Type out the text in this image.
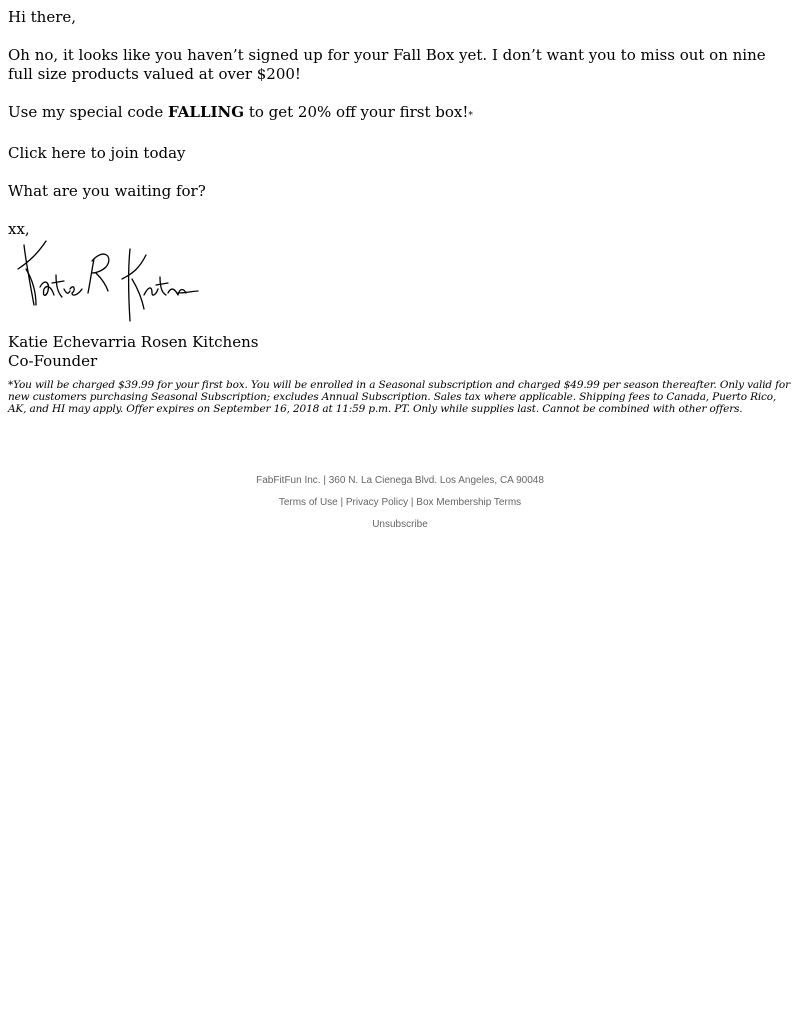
Hi there,

Oh no, it looks like you haven’t signed up for your Fall Box yet. I don’t want you to miss out on nine full size products valued at over $200!

Use my special code FALLING to get 20% off your first box!*

Click here to join today

What are you waiting for?

xx,

Katie Echevarria Rosen Kitchens
Co-Founder

*You will be charged $39.99 for your first box. You will be enrolled in a Seasonal subscription and charged $49.99 per season thereafter. Only valid for new customers purchasing Seasonal Subscription; excludes Annual Subscription. Sales tax where applicable. Shipping fees to Canada, Puerto Rico, AK, and HI may apply. Offer expires on September 16, 2018 at 11:59 p.m. PT. Only while supplies last. Cannot be combined with other offers.

FabFitFun Inc. | 360 N. La Cienega Blvd. Los Angeles, CA 90048
Terms of Use | Privacy Policy | Box Membership Terms
Unsubscribe
